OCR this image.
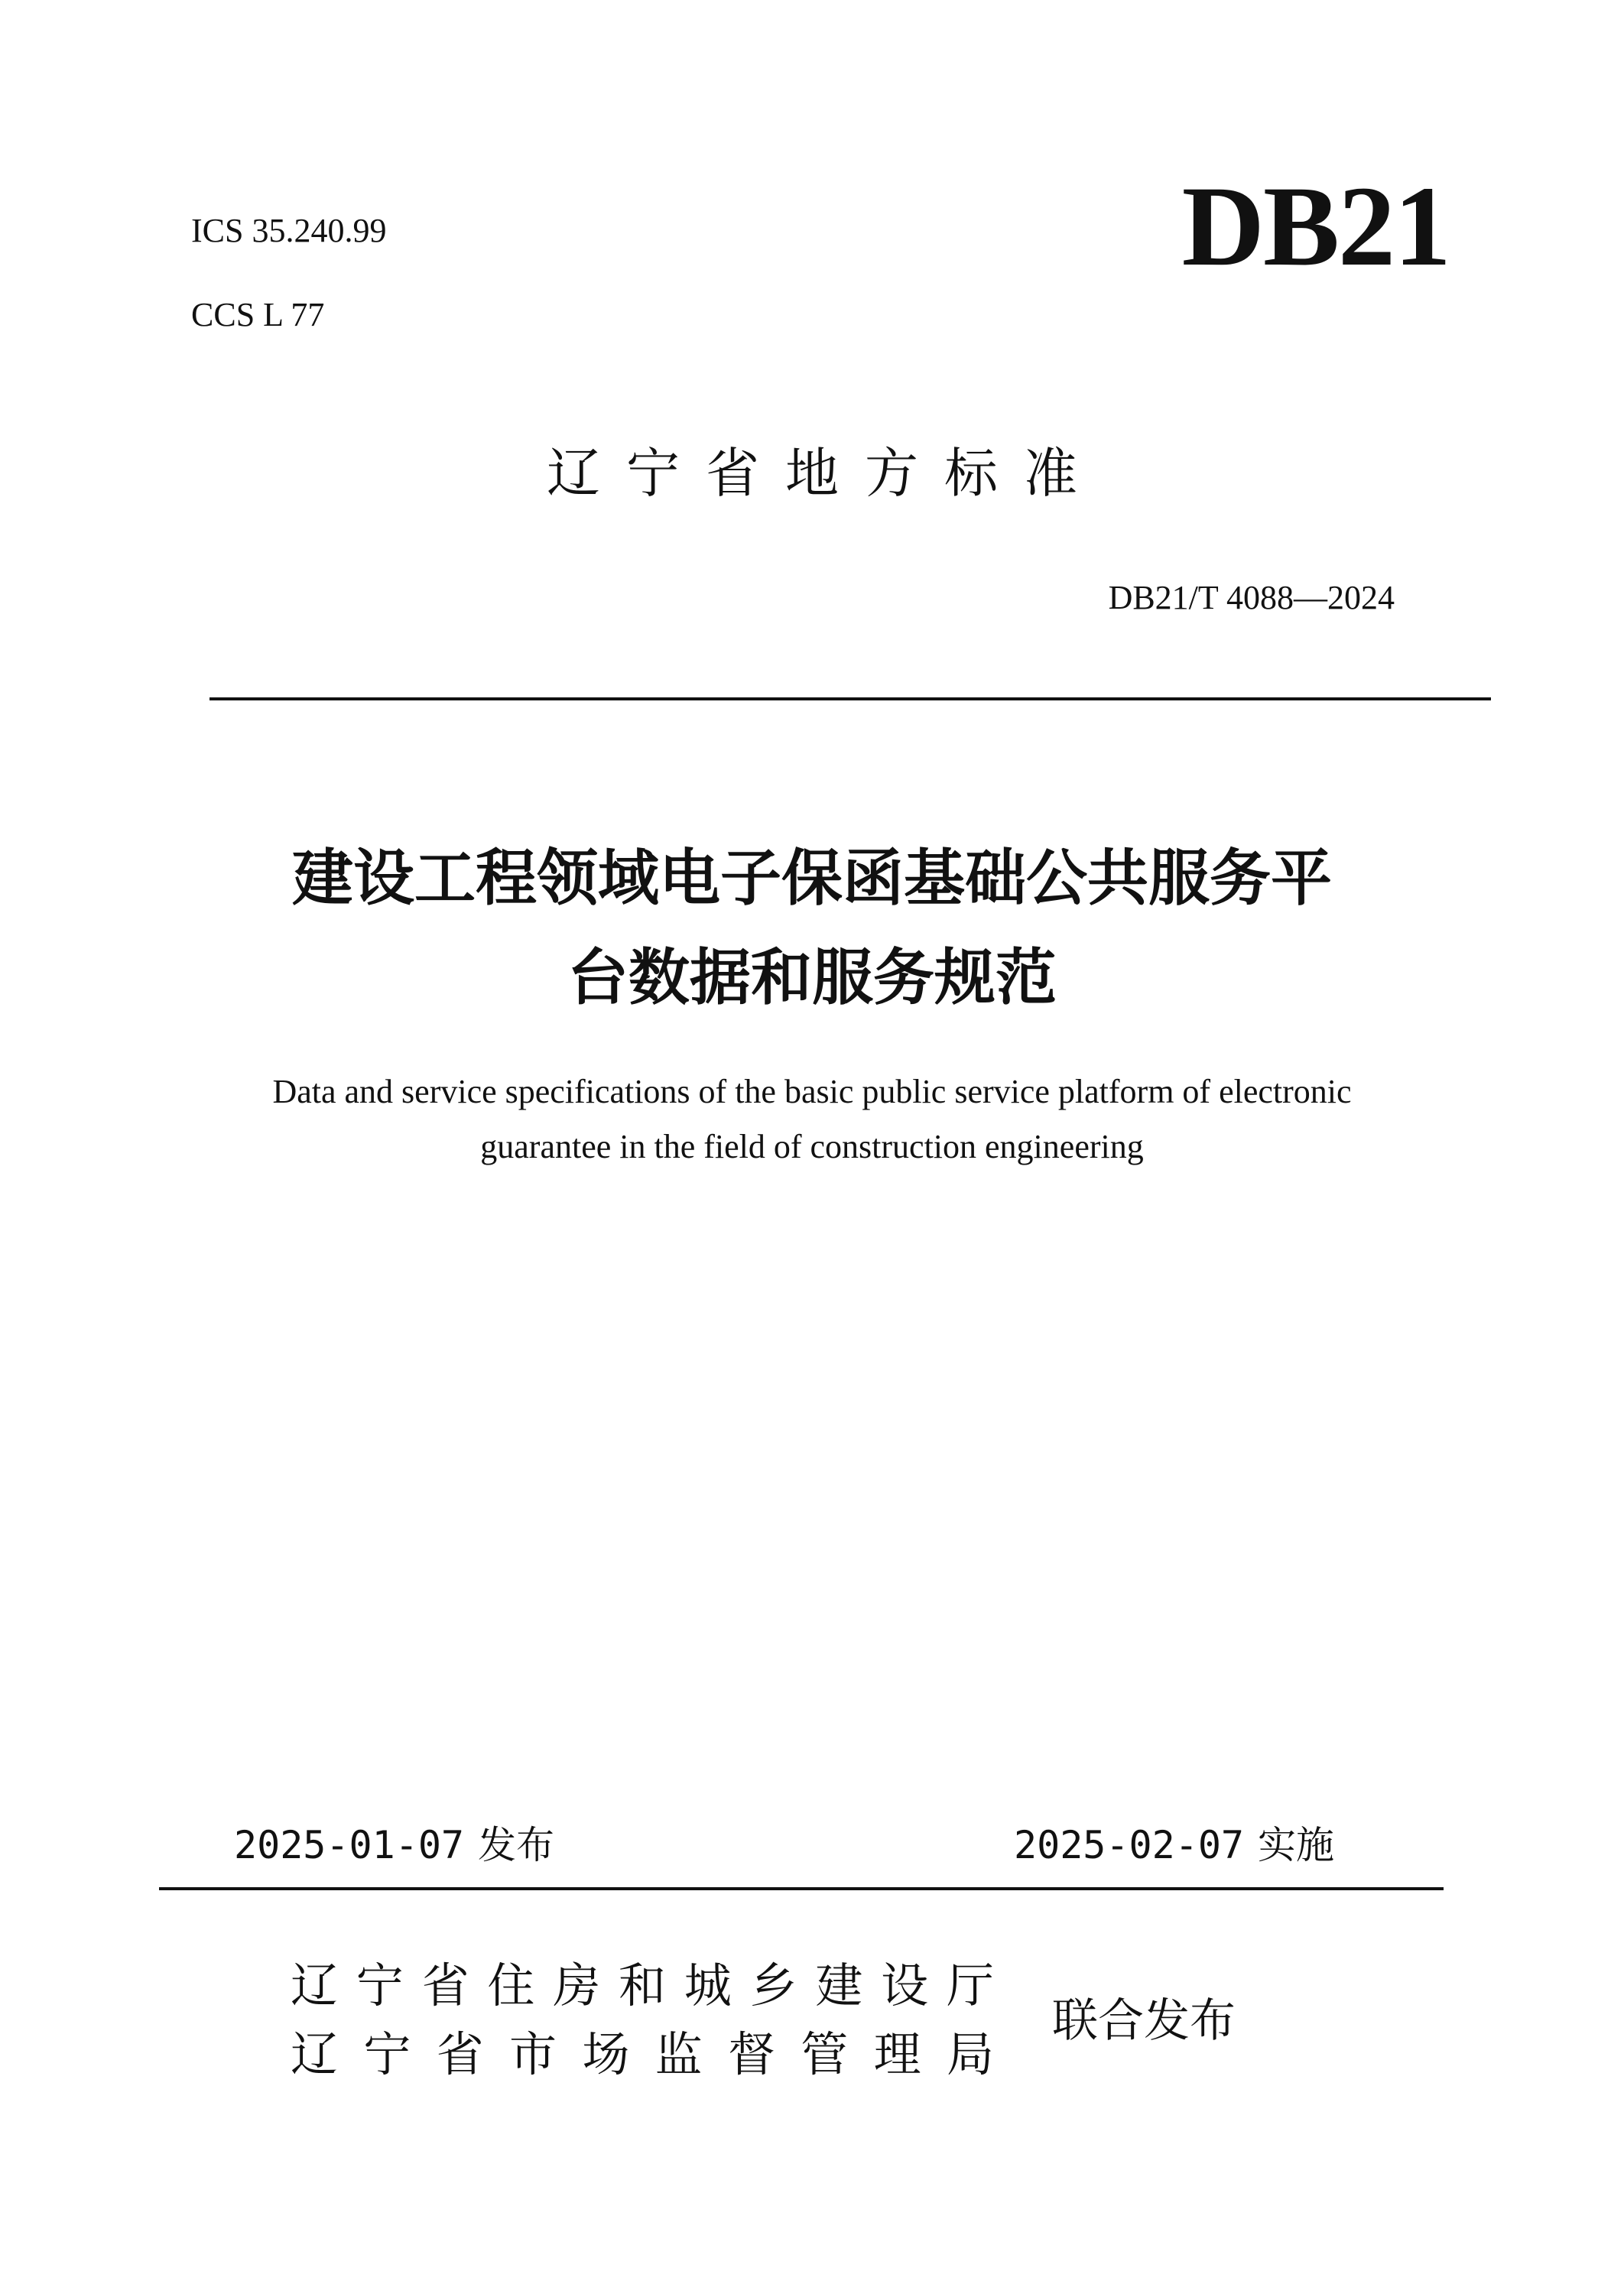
ICS 35.240.99
CCS L 77
DB21
辽宁省地方标准
DB21/T 4088—2024
建设工程领域电子保函基础公共服务平
台数据和服务规范
Data and service specifications of the basic public service platform of electronic
guarantee in the field of construction engineering
2025-01-07 发布	2025-02-07 实施
辽 宁 省 住 房 和 城 乡 建 设 厅
辽 宁 省 市 场 监 督 管 理 局
联合发布
